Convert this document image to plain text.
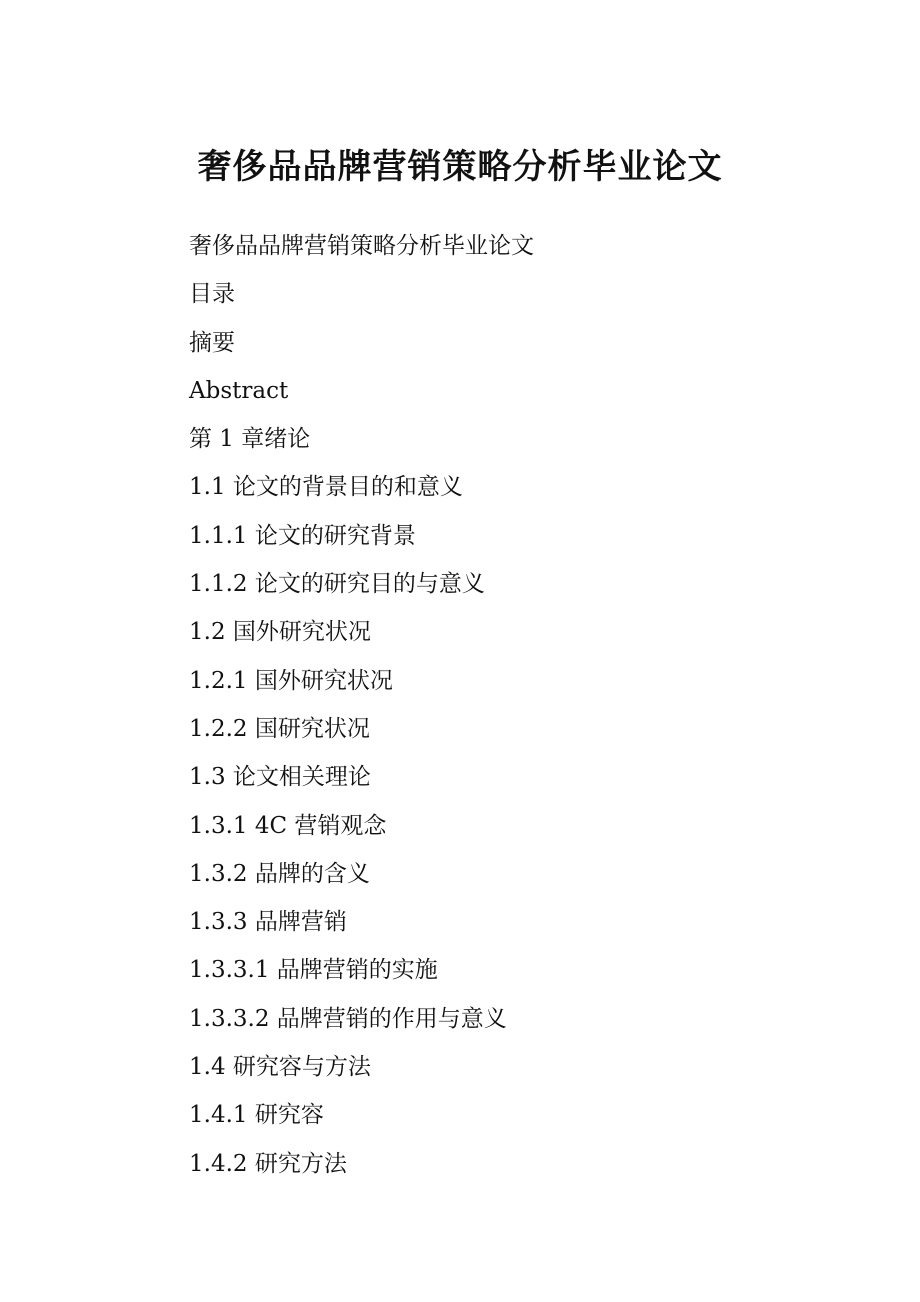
奢侈品品牌营销策略分析毕业论文
奢侈品品牌营销策略分析毕业论文
目录
摘要
Abstract
第 1 章绪论
1.1 论文的背景目的和意义
1.1.1 论文的研究背景
1.1.2 论文的研究目的与意义
1.2 国外研究状况
1.2.1 国外研究状况
1.2.2 国研究状况
1.3 论文相关理论
1.3.1 4C 营销观念
1.3.2 品牌的含义
1.3.3 品牌营销
1.3.3.1 品牌营销的实施
1.3.3.2 品牌营销的作用与意义
1.4 研究容与方法
1.4.1 研究容
1.4.2 研究方法
